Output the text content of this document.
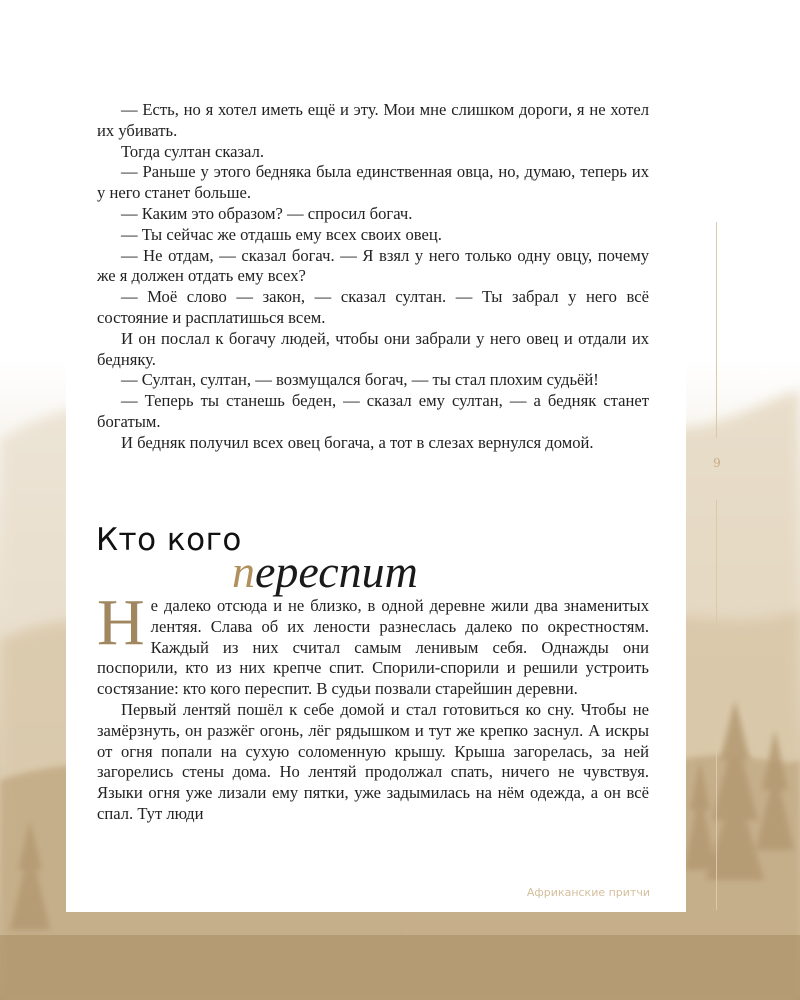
9

— Есть, но я хотел иметь ещё и эту. Мои мне слишком дороги, я не хотел их убивать.

Тогда султан сказал.

— Раньше у этого бедняка была единственная овца, но, думаю, теперь их у него станет больше.

— Каким это образом? — спросил богач.

— Ты сейчас же отдашь ему всех своих овец.

— Не отдам, — сказал богач. — Я взял у него только одну овцу, почему же я должен отдать ему всех?

— Моё слово — закон, — сказал султан. — Ты забрал у него всё состояние и расплатишься всем.

И он послал к богачу людей, чтобы они забрали у него овец и отдали их бедняку.

— Султан, султан, — возмущался богач, — ты стал плохим судьёй!

— Теперь ты станешь беден, — сказал ему султан, — а бедняк станет богатым.

И бедняк получил всех овец богача, а тот в слезах вернулся домой.

Кто кого
переспит

Не далеко отсюда и не близко, в одной деревне жили два знаменитых лентяя. Слава об их лености разнеслась далеко по окрестностям. Каждый из них считал самым ленивым себя. Однажды они поспорили, кто из них крепче спит. Спорили-спорили и решили устроить состязание: кто кого переспит. В судьи позвали старейшин деревни.

Первый лентяй пошёл к себе домой и стал готовиться ко сну. Чтобы не замёрзнуть, он разжёг огонь, лёг рядышком и тут же крепко заснул. А искры от огня попали на сухую соломенную крышу. Крыша загорелась, за ней загорелись стены дома. Но лентяй продолжал спать, ничего не чувствуя. Языки огня уже лизали ему пятки, уже задымилась на нём одежда, а он всё спал. Тут люди

Африканские притчи
